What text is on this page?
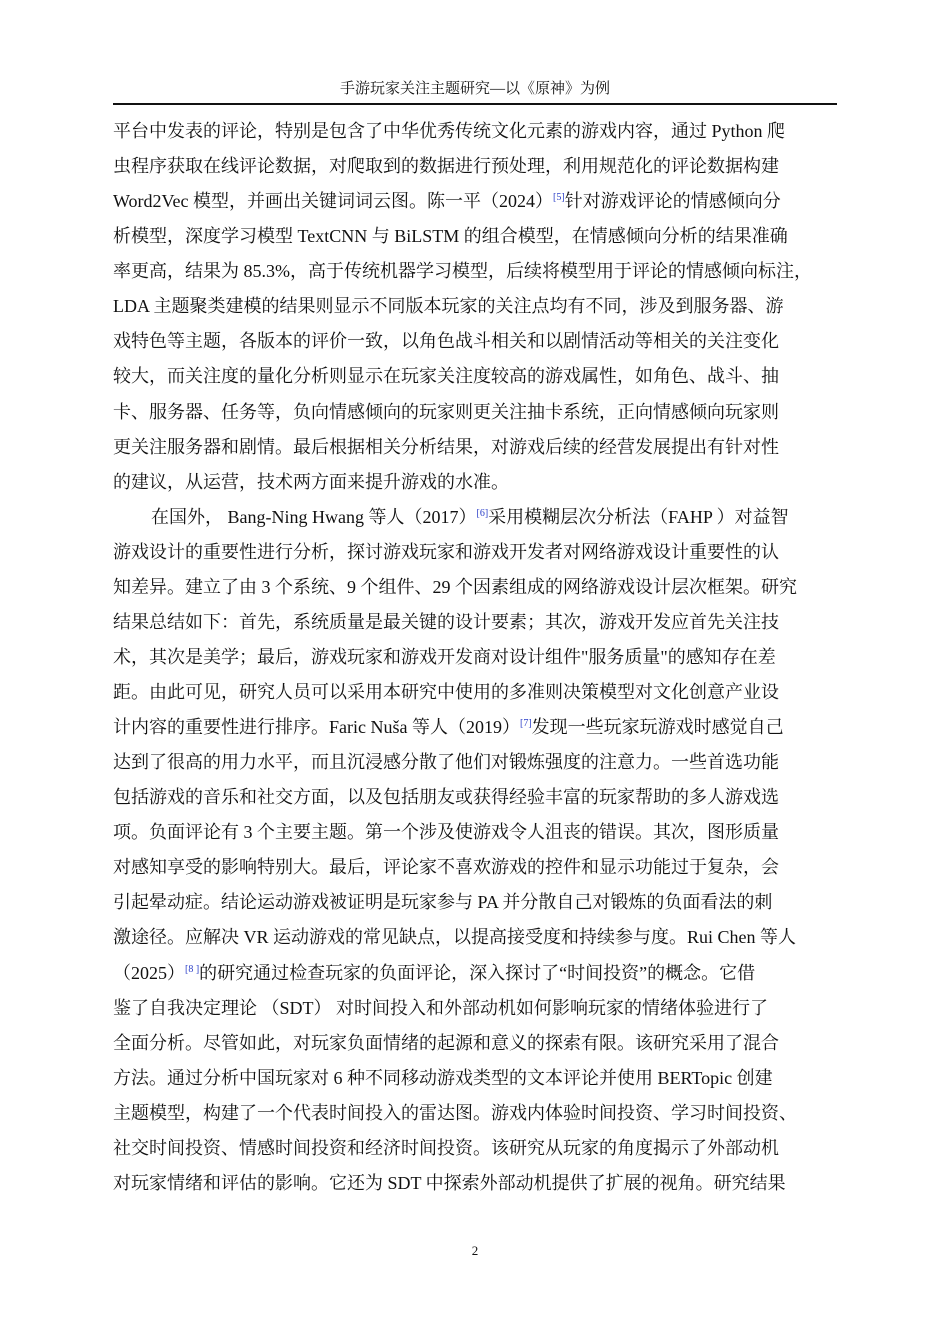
手游玩家关注主题研究—以《原神》为例
平台中发表的评论，特别是包含了中华优秀传统文化元素的游戏内容，通过 Python 爬
虫程序获取在线评论数据，对爬取到的数据进行预处理，利用规范化的评论数据构建
Word2Vec 模型，并画出关键词词云图。陈一平（2024）[5]针对游戏评论的情感倾向分
析模型，深度学习模型 TextCNN 与 BiLSTM 的组合模型，在情感倾向分析的结果准确
率更高，结果为 85.3%，高于传统机器学习模型，后续将模型用于评论的情感倾向标注，
LDA 主题聚类建模的结果则显示不同版本玩家的关注点均有不同，涉及到服务器、游
戏特色等主题，各版本的评价一致，以角色战斗相关和以剧情活动等相关的关注变化
较大，而关注度的量化分析则显示在玩家关注度较高的游戏属性，如角色、战斗、抽
卡、服务器、任务等，负向情感倾向的玩家则更关注抽卡系统，正向情感倾向玩家则
更关注服务器和剧情。最后根据相关分析结果，对游戏后续的经营发展提出有针对性
的建议，从运营，技术两方面来提升游戏的水准。
在国外， Bang-Ning Hwang 等人（2017）[6]采用模糊层次分析法（FAHP ）对益智
游戏设计的重要性进行分析，探讨游戏玩家和游戏开发者对网络游戏设计重要性的认
知差异。建立了由 3 个系统、9 个组件、29 个因素组成的网络游戏设计层次框架。研究
结果总结如下：首先，系统质量是最关键的设计要素；其次，游戏开发应首先关注技
术，其次是美学；最后，游戏玩家和游戏开发商对设计组件"服务质量"的感知存在差
距。由此可见，研究人员可以采用本研究中使用的多准则决策模型对文化创意产业设
计内容的重要性进行排序。Faric Nuša 等人（2019）[7]发现一些玩家玩游戏时感觉自己
达到了很高的用力水平，而且沉浸感分散了他们对锻炼强度的注意力。一些首选功能
包括游戏的音乐和社交方面，以及包括朋友或获得经验丰富的玩家帮助的多人游戏选
项。负面评论有 3 个主要主题。第一个涉及使游戏令人沮丧的错误。其次，图形质量
对感知享受的影响特别大。最后，评论家不喜欢游戏的控件和显示功能过于复杂，会
引起晕动症。结论运动游戏被证明是玩家参与 PA 并分散自己对锻炼的负面看法的刺
激途径。应解决 VR 运动游戏的常见缺点，以提高接受度和持续参与度。Rui Chen 等人
（2025）[8 ]的研究通过检查玩家的负面评论，深入探讨了“时间投资”的概念。它借
鉴了自我决定理论 （SDT） 对时间投入和外部动机如何影响玩家的情绪体验进行了
全面分析。尽管如此，对玩家负面情绪的起源和意义的探索有限。该研究采用了混合
方法。通过分析中国玩家对 6 种不同移动游戏类型的文本评论并使用 BERTopic 创建
主题模型，构建了一个代表时间投入的雷达图。游戏内体验时间投资、学习时间投资、
社交时间投资、情感时间投资和经济时间投资。该研究从玩家的角度揭示了外部动机
对玩家情绪和评估的影响。它还为 SDT 中探索外部动机提供了扩展的视角。研究结果
2
